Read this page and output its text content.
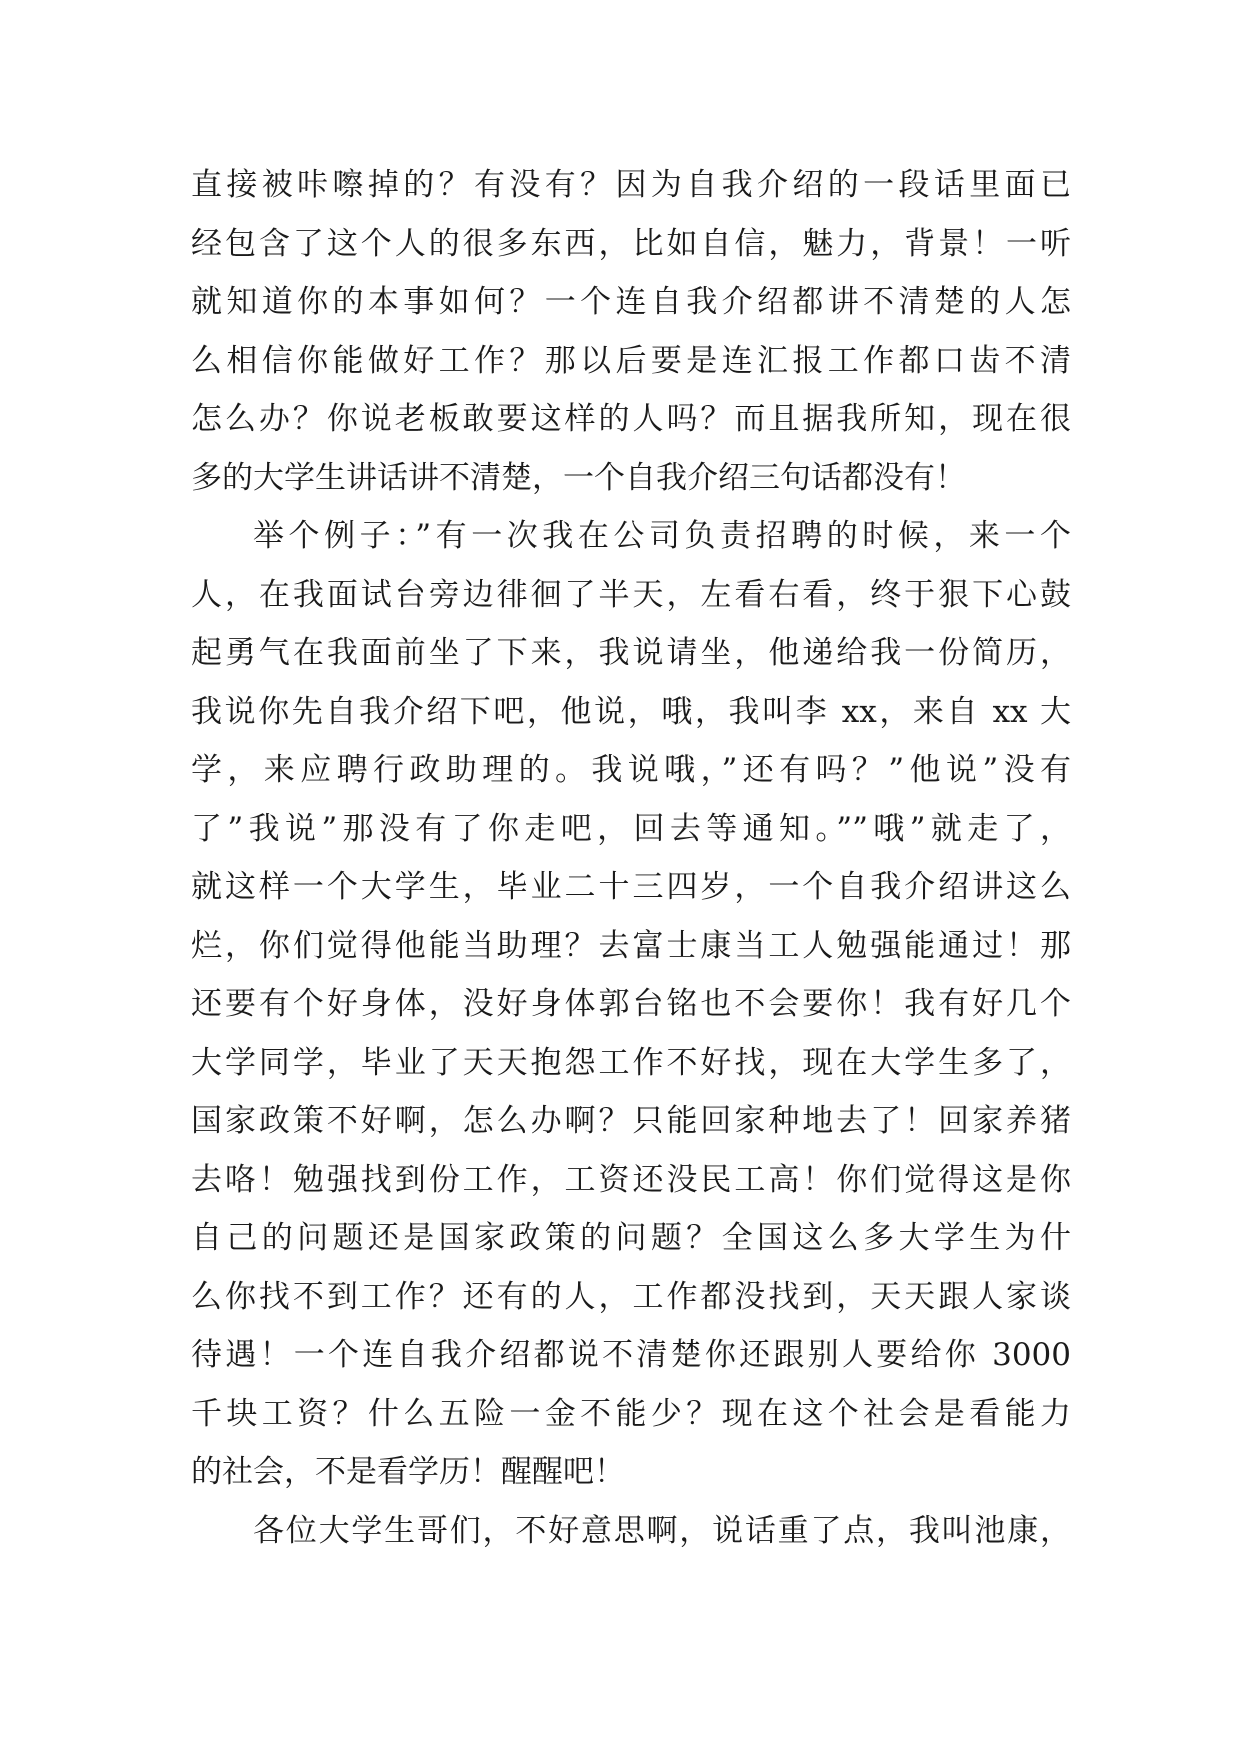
直接被咔嚓掉的？有没有？因为自我介绍的一段话里面已
经包含了这个人的很多东西，比如自信，魅力，背景！一听
就知道你的本事如何？一个连自我介绍都讲不清楚的人怎
么相信你能做好工作？那以后要是连汇报工作都口齿不清
怎么办？你说老板敢要这样的人吗？而且据我所知，现在很
多的大学生讲话讲不清楚，一个自我介绍三句话都没有！
举个例子：”有一次我在公司负责招聘的时候，来一个
人，在我面试台旁边徘徊了半天，左看右看，终于狠下心鼓
起勇气在我面前坐了下来，我说请坐，他递给我一份简历，
我说你先自我介绍下吧，他说，哦，我叫李 xx，来自 xx 大
学，来应聘行政助理的。我说哦，”还有吗？”他说”没有
了”我说”那没有了你走吧，回去等通知。””哦”就走了，
就这样一个大学生，毕业二十三四岁，一个自我介绍讲这么
烂，你们觉得他能当助理？去富士康当工人勉强能通过！那
还要有个好身体，没好身体郭台铭也不会要你！我有好几个
大学同学，毕业了天天抱怨工作不好找，现在大学生多了，
国家政策不好啊，怎么办啊？只能回家种地去了！回家养猪
去咯！勉强找到份工作，工资还没民工高！你们觉得这是你
自己的问题还是国家政策的问题？全国这么多大学生为什
么你找不到工作？还有的人，工作都没找到，天天跟人家谈
待遇！一个连自我介绍都说不清楚你还跟别人要给你 3000
千块工资？什么五险一金不能少？现在这个社会是看能力
的社会，不是看学历！醒醒吧！
各位大学生哥们，不好意思啊，说话重了点，我叫池康，
